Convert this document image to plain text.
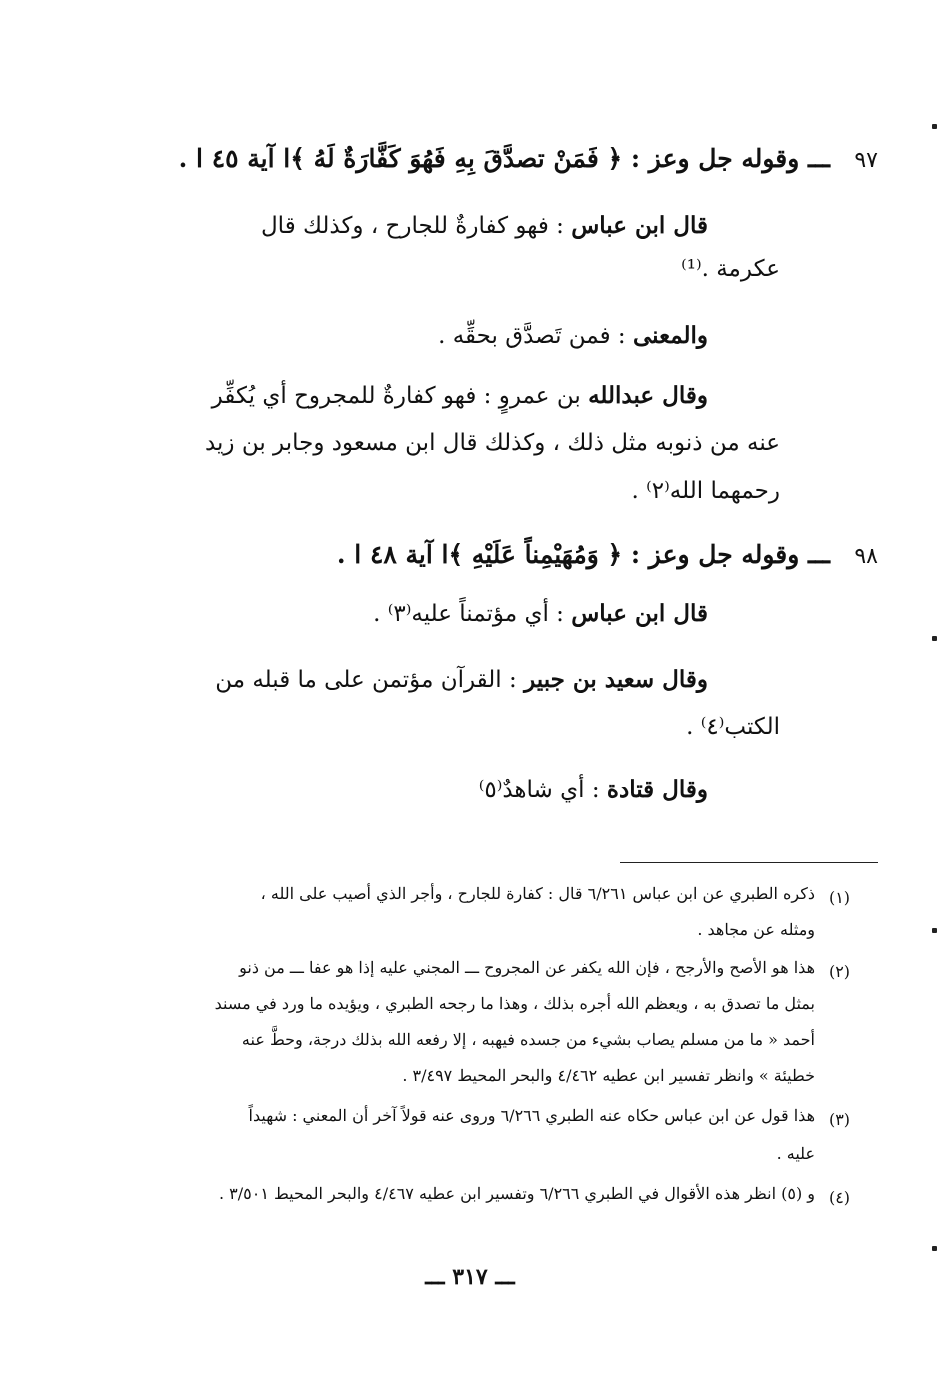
٩٧
ـــ وقوله جل وعز : ﴿ فَمَنْ تصدَّقَ بِهِ فَهُوَ كَفَّارَةٌ لَهُ ﴾ا آية ٤٥ ا .
قال ابن عباس : فهو كفارةٌ للجارح ، وكذلك قال
عكرمة .⁽¹⁾
والمعنى : فمن تَصدَّق بحقِّه .
وقال عبدالله بن عمروٍ : فهو كفارةٌ للمجروح أي يُكفِّر
عنه من ذنوبه مثل ذلك ، وكذلك قال ابن مسعود وجابر بن زيد
رحمهما الله⁽٢⁾ .
٩٨
ـــ وقوله جل وعز : ﴿ وَمُهَيْمِناً عَلَيْهِ ﴾ا آية ٤٨ ا .
قال ابن عباس : أي مؤتمناً عليه⁽٣⁾ .
وقال سعيد بن جبير : القرآن مؤتمن على ما قبله من
الكتب⁽٤⁾ .
وقال قتادة : أي شاهدٌ⁽٥⁾
(١)
ذكره الطبري عن ابن عباس ٦/٢٦١ قال : كفارة للجارح ، وأجر الذي أصيب على الله ،
ومثله عن مجاهد .
(٢)
هذا هو الأصح والأرجح ، فإن الله يكفر عن المجروح ـــ المجني عليه إذا هو عفا ـــ من ذنو
بمثل ما تصدق به ، ويعظم الله أجره بذلك ، وهذا ما رجحه الطبري ، ويؤيده ما ورد في مسند
أحمد « ما من مسلم يصاب بشيء من جسده فيهبه ، إلا رفعه الله بذلك درجة، وحطَّ عنه
خطيئة » وانظر تفسير ابن عطيه ٤/٤٦٢ والبحر المحيط ٣/٤٩٧ .
(٣)
هذا قول عن ابن عباس حكاه عنه الطبري ٦/٢٦٦ وروى عنه قولاً آخر أن المعني : شهيداً
عليه .
(٤)
و (٥) انظر هذه الأقوال في الطبري ٦/٢٦٦ وتفسير ابن عطيه ٤/٤٦٧ والبحر المحيط ٣/٥٠١ .
ـــ ٣١٧ ـــ
